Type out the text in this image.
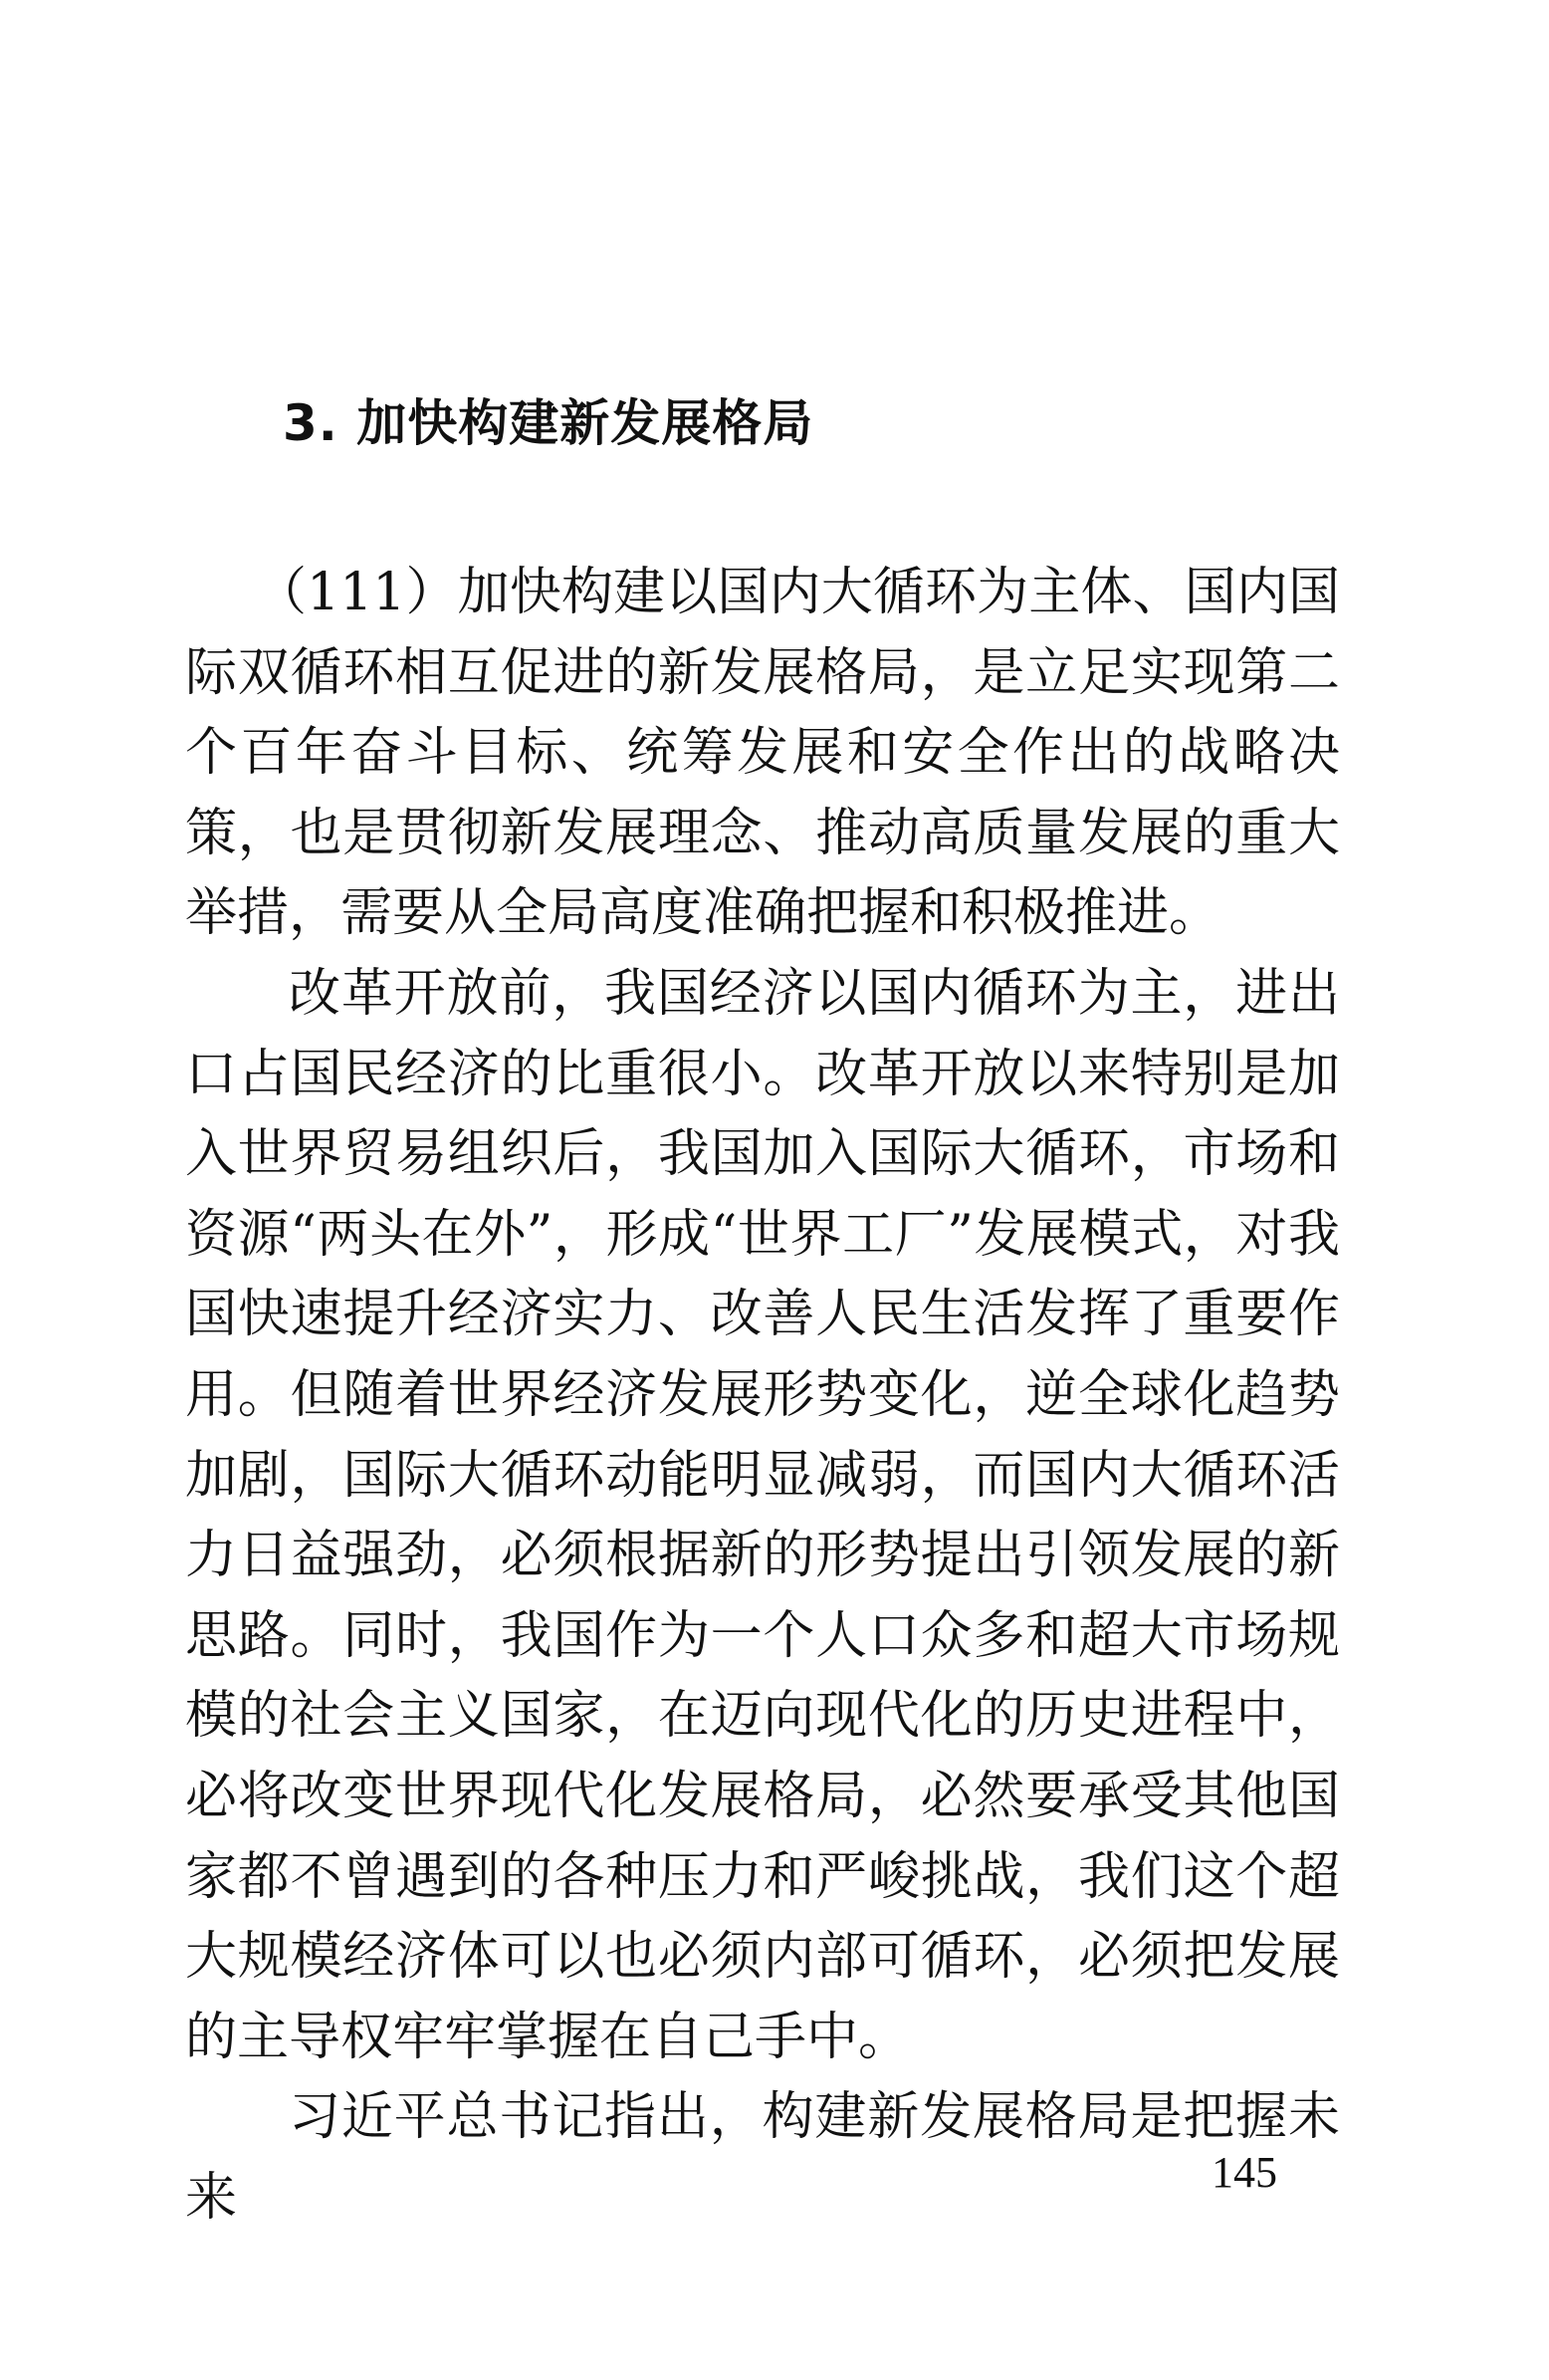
3. 加快构建新发展格局

（111）加快构建以国内大循环为主体、国内国际双循环相互促进的新发展格局，是立足实现第二个百年奋斗目标、统筹发展和安全作出的战略决策，也是贯彻新发展理念、推动高质量发展的重大举措，需要从全局高度准确把握和积极推进。

改革开放前，我国经济以国内循环为主，进出口占国民经济的比重很小。改革开放以来特别是加入世界贸易组织后，我国加入国际大循环，市场和资源“两头在外”，形成“世界工厂”发展模式，对我国快速提升经济实力、改善人民生活发挥了重要作用。但随着世界经济发展形势变化，逆全球化趋势加剧，国际大循环动能明显减弱，而国内大循环活力日益强劲，必须根据新的形势提出引领发展的新思路。同时，我国作为一个人口众多和超大市场规模的社会主义国家，在迈向现代化的历史进程中，必将改变世界现代化发展格局，必然要承受其他国家都不曾遇到的各种压力和严峻挑战，我们这个超大规模经济体可以也必须内部可循环，必须把发展的主导权牢牢掌握在自己手中。

习近平总书记指出，构建新发展格局是把握未来	145
